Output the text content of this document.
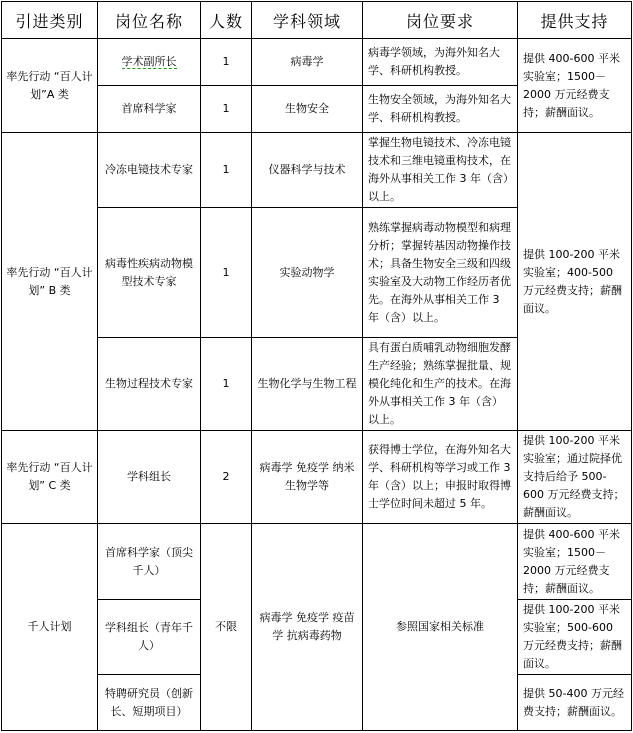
引进类别	岗位名称	人数	学科领域	岗位要求	提供支持
率先行动 “百人计划”A 类	学术副所长	1	病毒学	病毒学领域，为海外知名大学、科研机构教授。	提供 400-600 平米实验室；1500－2000 万元经费支持；薪酬面议。
	首席科学家	1	生物安全	生物安全领域，为海外知名大学、科研机构教授。	
率先行动 “百人计划” B 类	冷冻电镜技术专家	1	仪器科学与技术	掌握生物电镜技术、冷冻电镜技术和三维电镜重构技术，在海外从事相关工作 3 年（含）以上。	提供 100-200 平米实验室；400-500 万元经费支持；薪酬面议。
	病毒性疾病动物模型技术专家	1	实验动物学	熟练掌握病毒动物模型和病理分析；掌握转基因动物操作技术；具备生物安全三级和四级实验室及大动物工作经历者优先。在海外从事相关工作 3 年（含）以上。	
	生物过程技术专家	1	生物化学与生物工程	具有蛋白质哺乳动物细胞发酵生产经验；熟练掌握批量、规模化纯化和生产的技术。在海外从事相关工作 3 年（含）以上。	
率先行动 “百人计划” C 类	学科组长	2	病毒学 免疫学 纳米生物学等	获得博士学位，在海外知名大学、科研机构等学习或工作 3 年（含）以上；申报时取得博士学位时间未超过 5 年。	提供 100-200 平米实验室；通过院择优支持后给予 500-600 万元经费支持；薪酬面议。
千人计划	首席科学家（顶尖千人）	不限	病毒学 免疫学 疫苗学 抗病毒药物	参照国家相关标准	提供 400-600 平米实验室；1500－2000 万元经费支持；薪酬面议。
	学科组长（青年千人）				提供 100-200 平米实验室；500-600 万元经费支持；薪酬面议。
	特聘研究员（创新长、短期项目）				提供 50-400 万元经费支持；薪酬面议。
